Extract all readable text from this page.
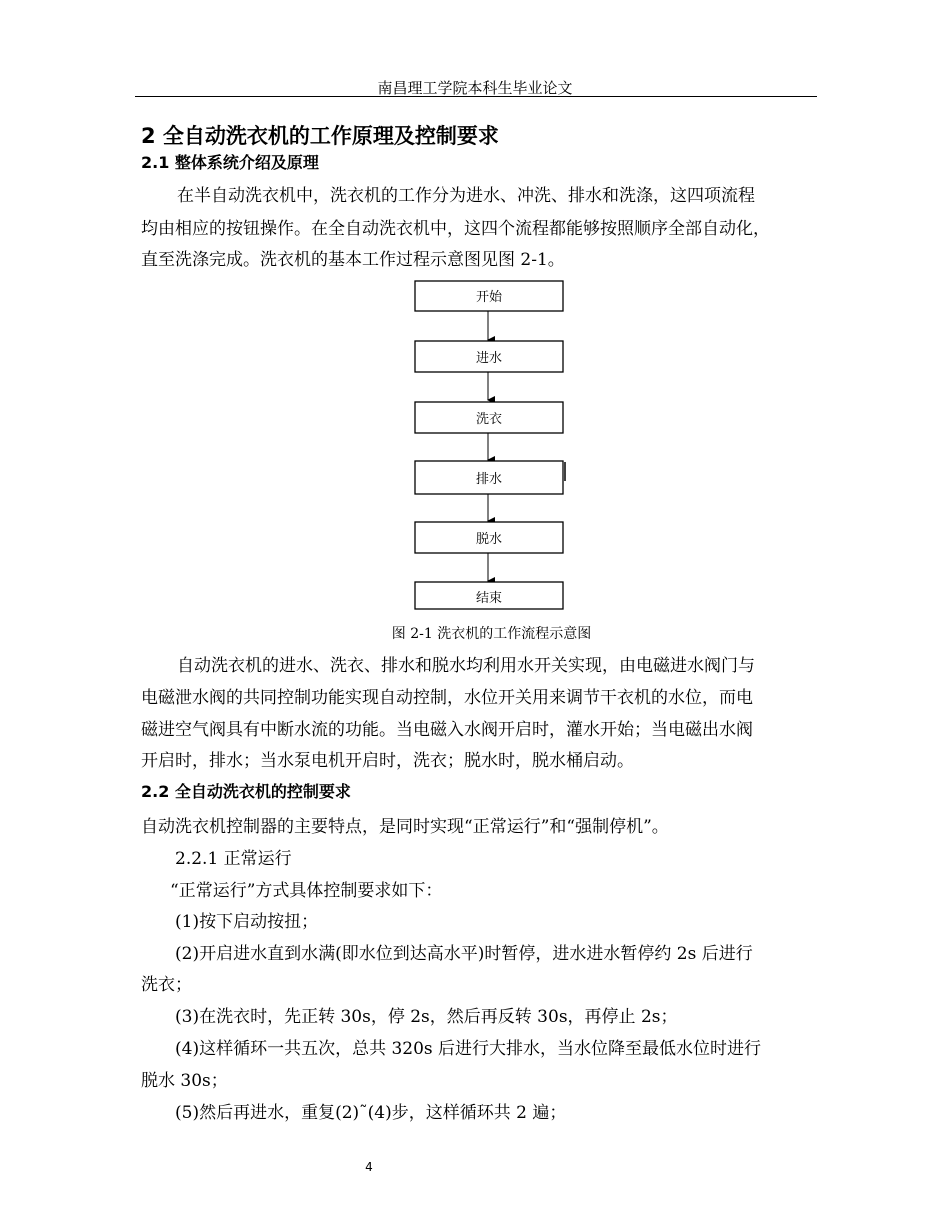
南昌理工学院本科生毕业论文
2 全自动洗衣机的工作原理及控制要求
2.1 整体系统介绍及原理
在半自动洗衣机中，洗衣机的工作分为进水、冲洗、排水和洗涤，这四项流程
均由相应的按钮操作。在全自动洗衣机中，这四个流程都能够按照顺序全部自动化，
直至洗涤完成。洗衣机的基本工作过程示意图见图 2-1。
开始
进水
洗衣
排水
脱水
结束
图 2-1 洗衣机的工作流程示意图
自动洗衣机的进水、洗衣、排水和脱水均利用水开关实现，由电磁进水阀门与
电磁泄水阀的共同控制功能实现自动控制，水位开关用来调节干衣机的水位，而电
磁进空气阀具有中断水流的功能。当电磁入水阀开启时，灌水开始；当电磁出水阀
开启时，排水；当水泵电机开启时，洗衣；脱水时，脱水桶启动。
2.2 全自动洗衣机的控制要求
自动洗衣机控制器的主要特点，是同时实现“正常运行”和“强制停机”。
2.2.1 正常运行
“正常运行”方式具体控制要求如下：
(1)按下启动按扭；
(2)开启进水直到水满(即水位到达高水平)时暂停，进水进水暂停约 2s 后进行
洗衣；
(3)在洗衣时，先正转 30s，停 2s，然后再反转 30s，再停止 2s；
(4)这样循环一共五次，总共 320s 后进行大排水，当水位降至最低水位时进行
脱水 30s；
(5)然后再进水，重复(2)˜(4)步，这样循环共 2 遍；
4
